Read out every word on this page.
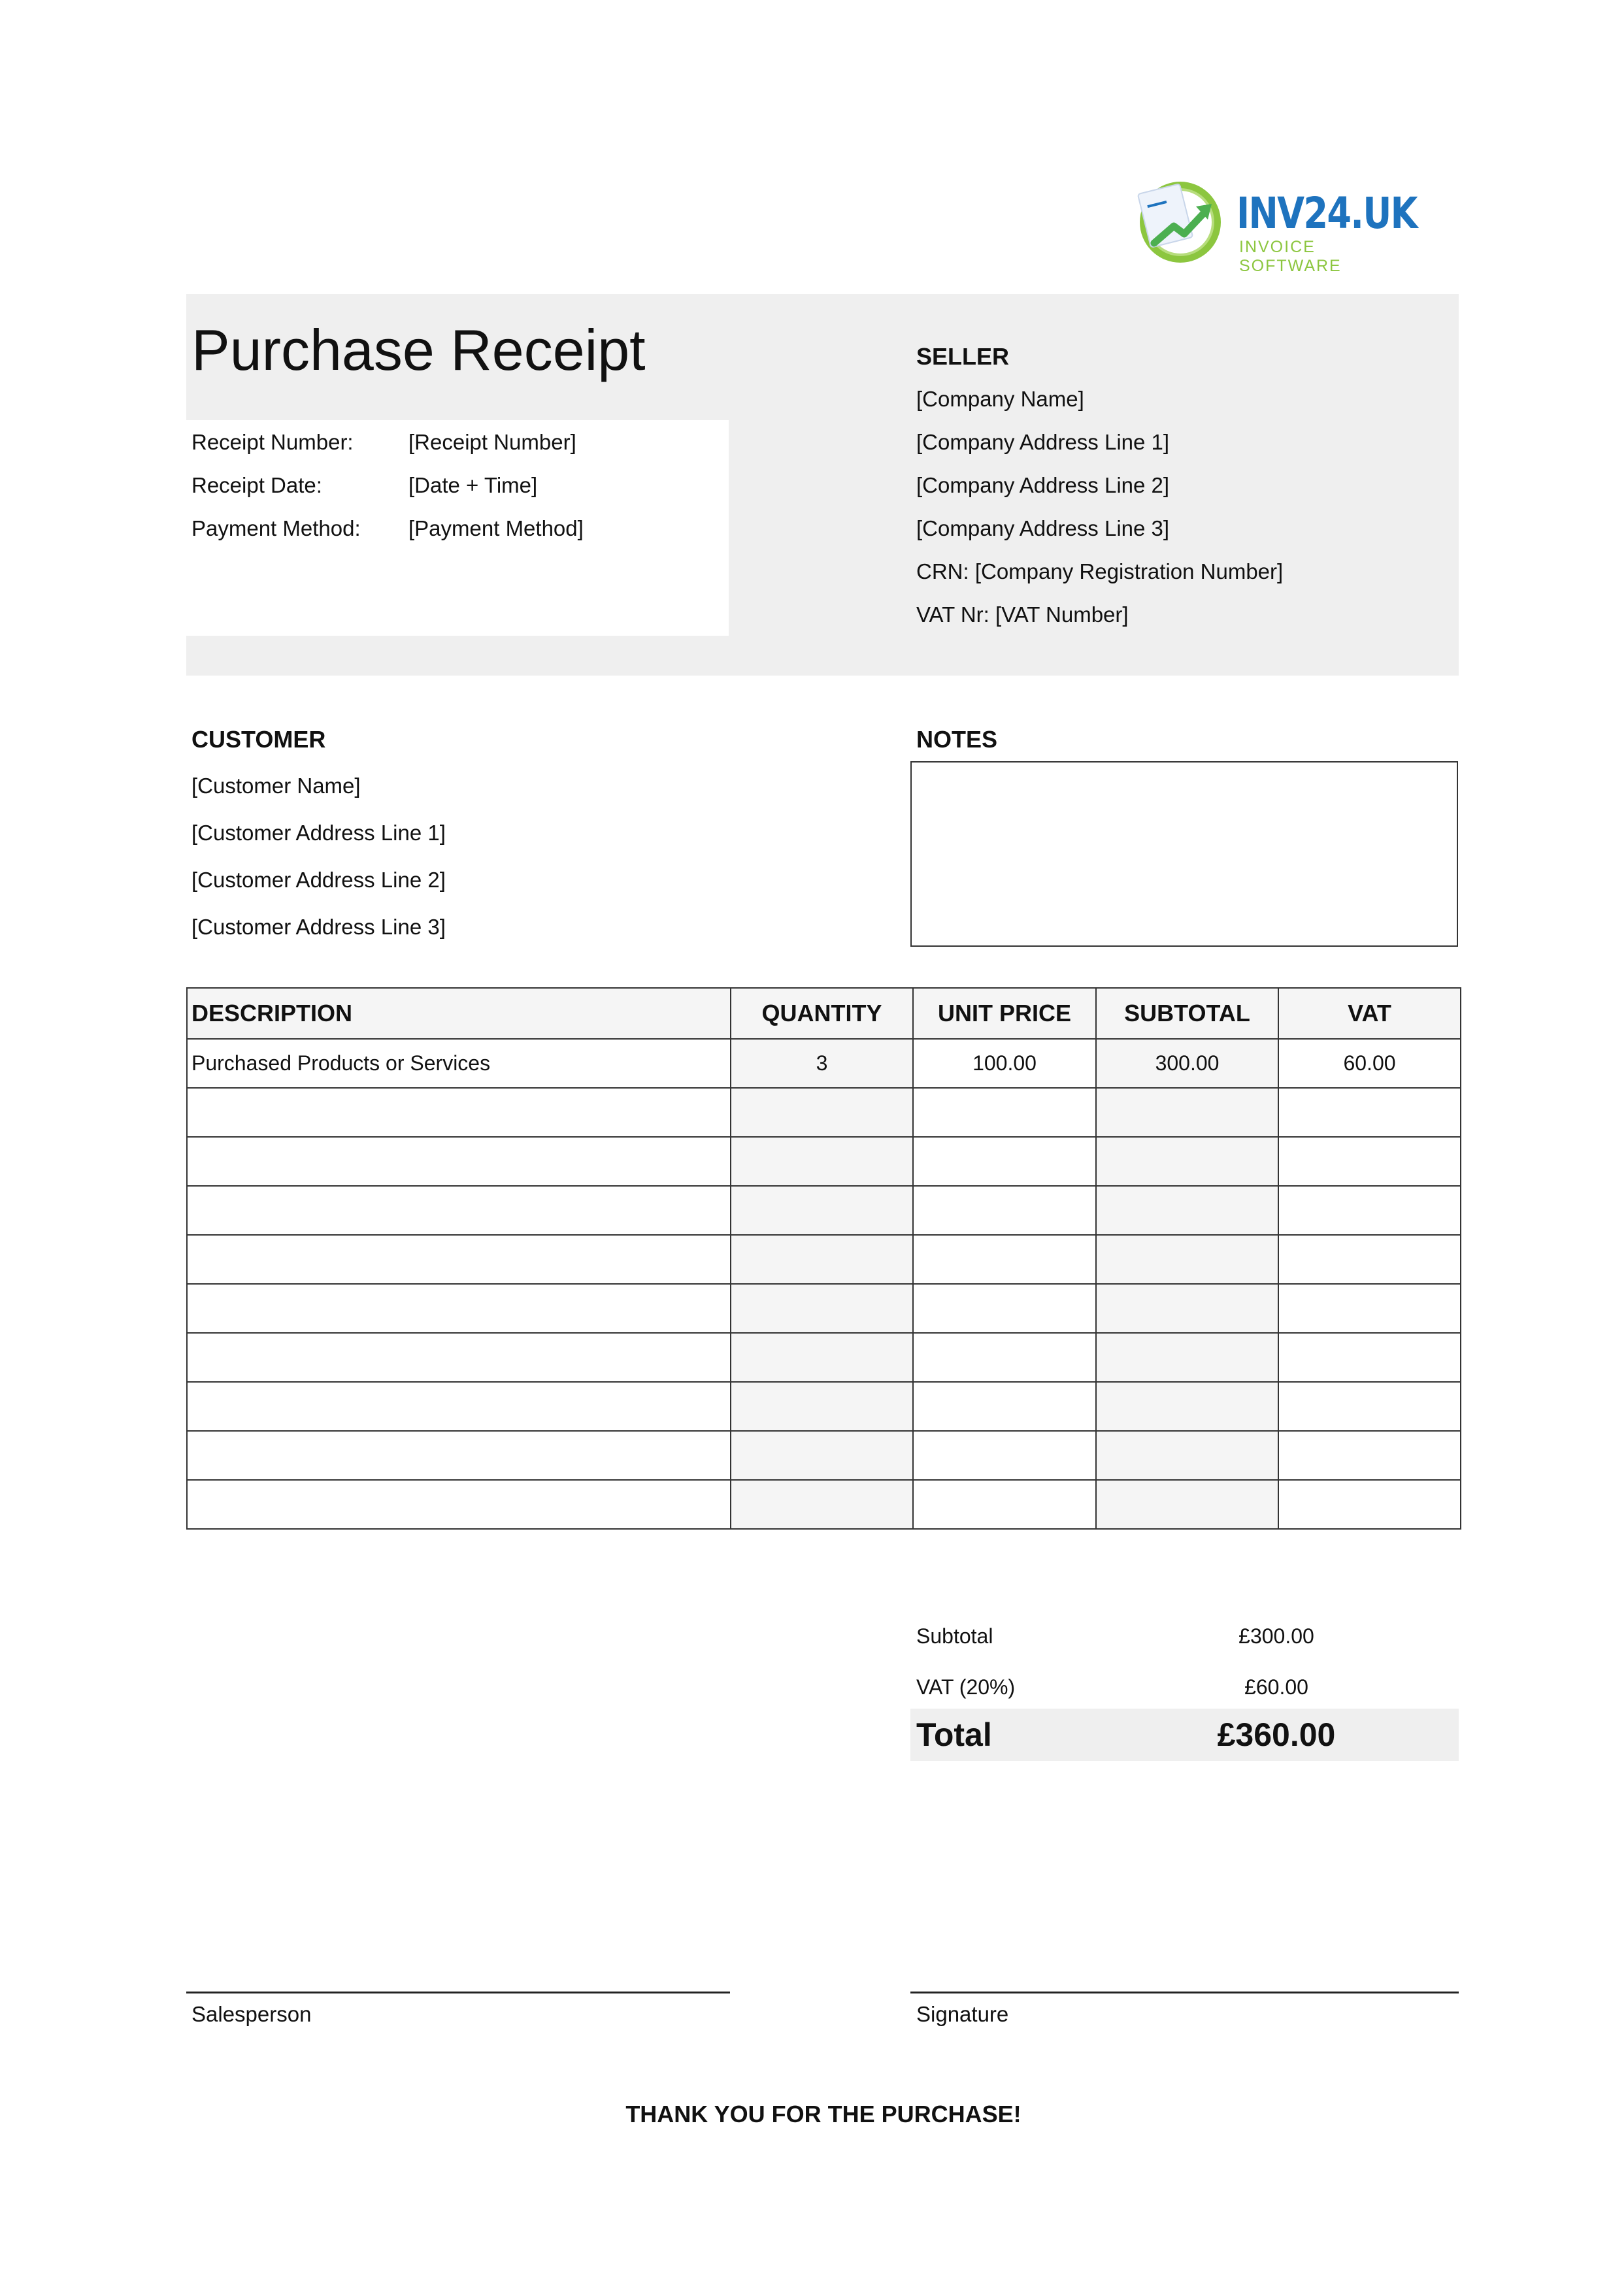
INV24.UK
INVOICE SOFTWARE
Purchase Receipt
Receipt Number:	[Receipt Number]
Receipt Date:	[Date + Time]
Payment Method: [Payment Method]
SELLER
[Company Name]
[Company Address Line 1]
[Company Address Line 2]
[Company Address Line 3]
CRN: [Company Registration Number]
VAT Nr: [VAT Number]
CUSTOMER
[Customer Name]
[Customer Address Line 1]
[Customer Address Line 2]
[Customer Address Line 3]
NOTES
DESCRIPTION	QUANTITY	UNIT PRICE	SUBTOTAL	VAT
Purchased Products or Services	3	100.00	300.00	60.00

Subtotal	£300.00
VAT (20%)	£60.00
Total	£360.00
Salesperson	Signature
THANK YOU FOR THE PURCHASE!
